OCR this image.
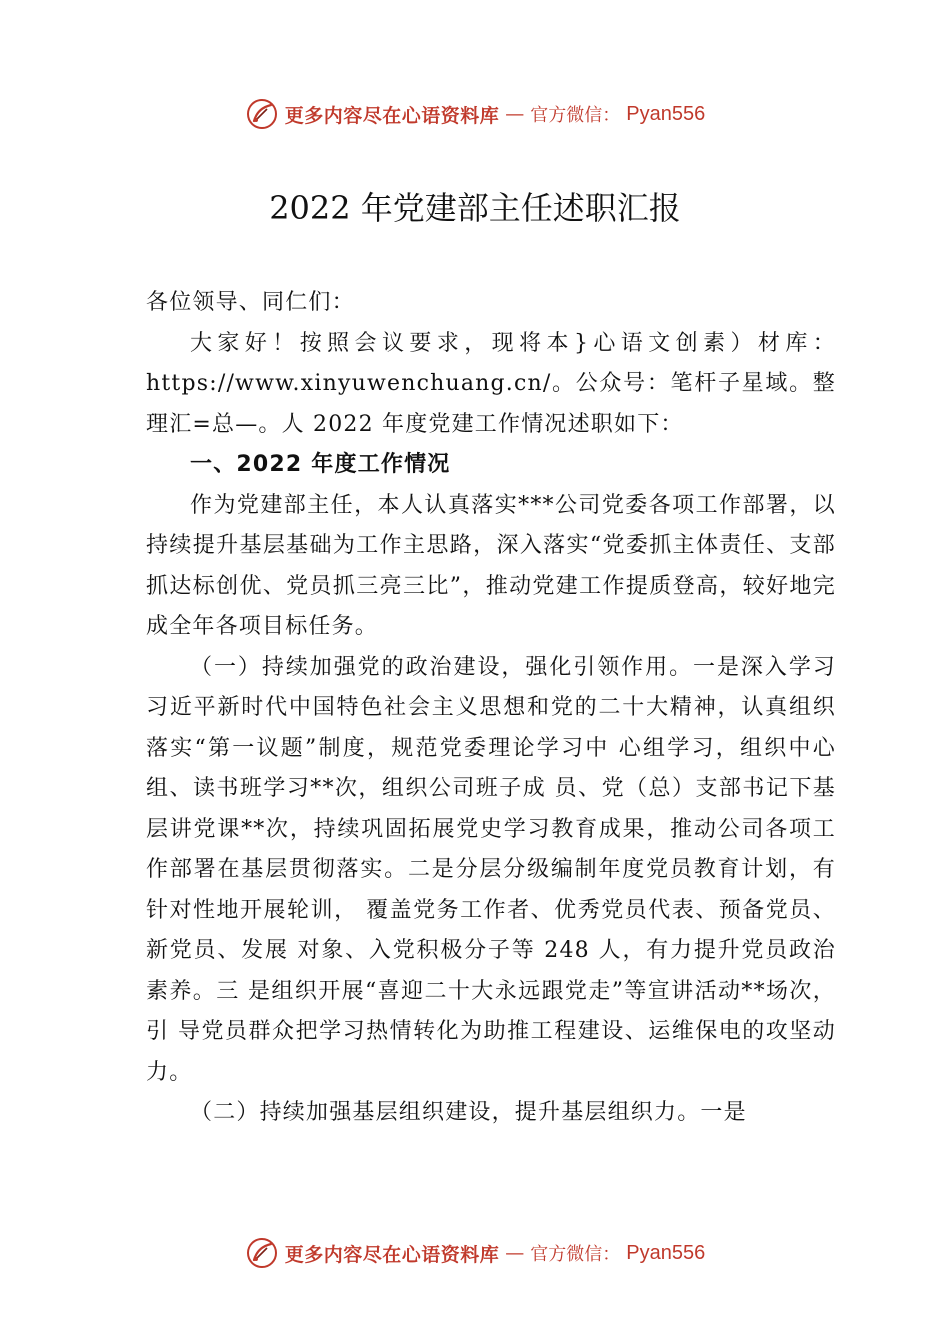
更多内容尽在心语资料库 — 官方微信： Pyan556
2022 年党建部主任述职汇报

各位领导、同仁们：

大家好！按照会议要求，现将本}心语文创素）材库：https://www.xinyuwenchuang.cn/。公众号：笔杆子星域。整理汇=总—。人 2022 年度党建工作情况述职如下：

一、2022 年度工作情况

作为党建部主任，本人认真落实***公司党委各项工作部署，以持续提升基层基础为工作主思路，深入落实“党委抓主体责任、支部抓达标创优、党员抓三亮三比”，推动党建工作提质登高，较好地完成全年各项目标任务。

（一）持续加强党的政治建设，强化引领作用。一是深入学习习近平新时代中国特色社会主义思想和党的二十大精神，认真组织落实“第一议题”制度，规范党委理论学习中 心组学习，组织中心组、读书班学习**次，组织公司班子成 员、党（总）支部书记下基层讲党课**次，持续巩固拓展党史学习教育成果，推动公司各项工作部署在基层贯彻落实。二是分层分级编制年度党员教育计划，有针对性地开展轮训， 覆盖党务工作者、优秀党员代表、预备党员、新党员、发展 对象、入党积极分子等 248 人，有力提升党员政治素养。三 是组织开展“喜迎二十大永远跟党走”等宣讲活动**场次，引 导党员群众把学习热情转化为助推工程建设、运维保电的攻坚动力。

（二）持续加强基层组织建设，提升基层组织力。一是

更多内容尽在心语资料库 — 官方微信： Pyan556
